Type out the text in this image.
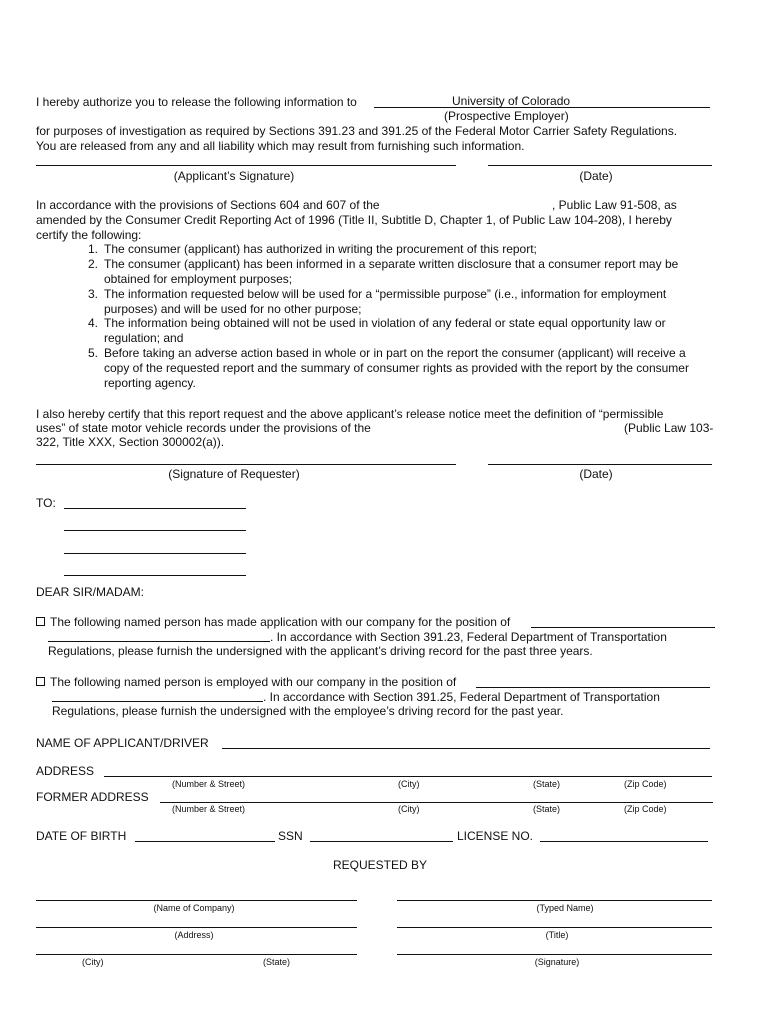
I hereby authorize you to release the following information to	University of Colorado
(Prospective Employer)
for purposes of investigation as required by Sections 391.23 and 391.25 of the Federal Motor Carrier Safety Regulations.
You are released from any and all liability which may result from furnishing such information.
(Applicant’s Signature)	(Date)
In accordance with the provisions of Sections 604 and 607 of the	, Public Law 91-508, as
amended by the Consumer Credit Reporting Act of 1996 (Title II, Subtitle D, Chapter 1, of Public Law 104-208), I hereby
certify the following:
1. The consumer (applicant) has authorized in writing the procurement of this report;
2. The consumer (applicant) has been informed in a separate written disclosure that a consumer report may be
obtained for employment purposes;
3. The information requested below will be used for a “permissible purpose” (i.e., information for employment
purposes) and will be used for no other purpose;
4. The information being obtained will not be used in violation of any federal or state equal opportunity law or
regulation; and
5. Before taking an adverse action based in whole or in part on the report the consumer (applicant) will receive a
copy of the requested report and the summary of consumer rights as provided with the report by the consumer
reporting agency.
I also hereby certify that this report request and the above applicant’s release notice meet the definition of “permissible
uses” of state motor vehicle records under the provisions of the	(Public Law 103-
322, Title XXX, Section 300002(a)).
(Signature of Requester)	(Date)
TO:
DEAR SIR/MADAM:
The following named person has made application with our company for the position of
. In accordance with Section 391.23, Federal Department of Transportation
Regulations, please furnish the undersigned with the applicant’s driving record for the past three years.
The following named person is employed with our company in the position of
. In accordance with Section 391.25, Federal Department of Transportation
Regulations, please furnish the undersigned with the employee’s driving record for the past year.
NAME OF APPLICANT/DRIVER
ADDRESS
(Number & Street)	(City)	(State)	(Zip Code)
FORMER ADDRESS
(Number & Street)	(City)	(State)	(Zip Code)
DATE OF BIRTH	SSN	LICENSE NO.
REQUESTED BY
(Name of Company)
(Address)
(City)	(State)
(Typed Name)
(Title)
(Signature)
